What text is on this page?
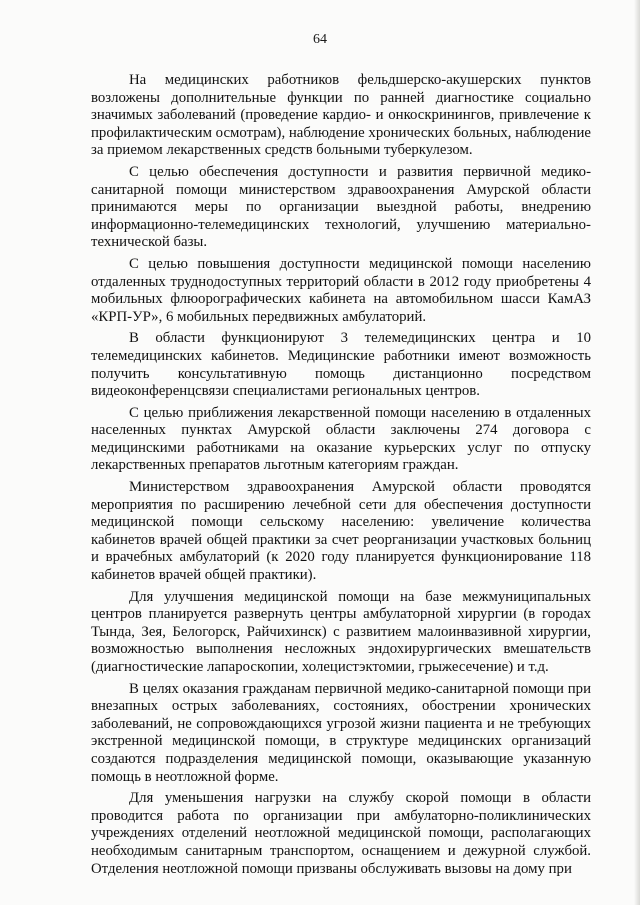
64

На медицинских работников фельдшерско-акушерских пунктов возложены дополнительные функции по ранней диагностике социально значимых заболеваний (проведение кардио- и онкоскринингов, привлечение к профилактическим осмотрам), наблюдение хронических больных, наблюдение за приемом лекарственных средств больными туберкулезом.

С целью обеспечения доступности и развития первичной медико-санитарной помощи министерством здравоохранения Амурской области принимаются меры по организации выездной работы, внедрению информационно-телемедицинских технологий, улучшению материально-технической базы.

С целью повышения доступности медицинской помощи населению отдаленных труднодоступных территорий области в 2012 году приобретены 4 мобильных флюорографических кабинета на автомобильном шасси КамАЗ «КРП-УР», 6 мобильных передвижных амбулаторий.

В области функционируют 3 телемедицинских центра и 10 телемедицинских кабинетов. Медицинские работники имеют возможность получить консультативную помощь дистанционно посредством видеоконференцсвязи специалистами региональных центров.

С целью приближения лекарственной помощи населению в отдаленных населенных пунктах Амурской области заключены 274 договора с медицинскими работниками на оказание курьерских услуг по отпуску лекарственных препаратов льготным категориям граждан.

Министерством здравоохранения Амурской области проводятся мероприятия по расширению лечебной сети для обеспечения доступности медицинской помощи сельскому населению: увеличение количества кабинетов врачей общей практики за счет реорганизации участковых больниц и врачебных амбулаторий (к 2020 году планируется функционирование 118 кабинетов врачей общей практики).

Для улучшения медицинской помощи на базе межмуниципальных центров планируется развернуть центры амбулаторной хирургии (в городах Тында, Зея, Белогорск, Райчихинск) с развитием малоинвазивной хирургии, возможностью выполнения несложных эндохирургических вмешательств (диагностические лапароскопии, холецистэктомии, грыжесечение) и т.д.

В целях оказания гражданам первичной медико-санитарной помощи при внезапных острых заболеваниях, состояниях, обострении хронических заболеваний, не сопровождающихся угрозой жизни пациента и не требующих экстренной медицинской помощи, в структуре медицинских организаций создаются подразделения медицинской помощи, оказывающие указанную помощь в неотложной форме.

Для уменьшения нагрузки на службу скорой помощи в области проводится работа по организации при амбулаторно-поликлинических учреждениях отделений неотложной медицинской помощи, располагающих необходимым санитарным транспортом, оснащением и дежурной службой. Отделения неотложной помощи призваны обслуживать вызовы на дому при
